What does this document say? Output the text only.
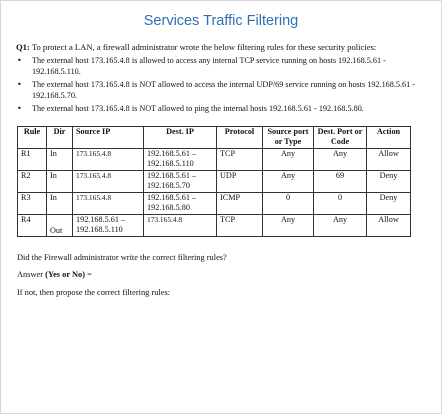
Services Traffic Filtering
Q1: To protect a LAN, a firewall administrator wrote the below filtering rules for these security policies:
• The external host 173.165.4.8 is allowed to access any internal TCP service running on hosts 192.168.5.61 - 192.168.5.110.
• The external host 173.165.4.8 is NOT allowed to access the internal UDP/69 service running on hosts 192.168.5.61 - 192.168.5.70.
• The external host 173.165.4.8 is NOT allowed to ping the internal hosts 192.168.5.61 - 192.168.5.80.
Rule	Dir	Source IP	Dest. IP	Protocol	Source port or Type	Dest. Port or Code	Action
R1	In	173.165.4.8	192.168.5.61 – 192.168.5.110	TCP	Any	Any	Allow
R2	In	173.165.4.8	192.168.5.61 – 192.168.5.70	UDP	Any	69	Deny
R3	In	173.165.4.8	192.168.5.61 – 192.168.5.80	ICMP	0	0	Deny
R4	Out	192.168.5.61 – 192.168.5.110	173.165.4.8	TCP	Any	Any	Allow
Did the Firewall administrator write the correct filtering rules?
Answer (Yes or No) =
If not, then propose the correct filtering rules:
